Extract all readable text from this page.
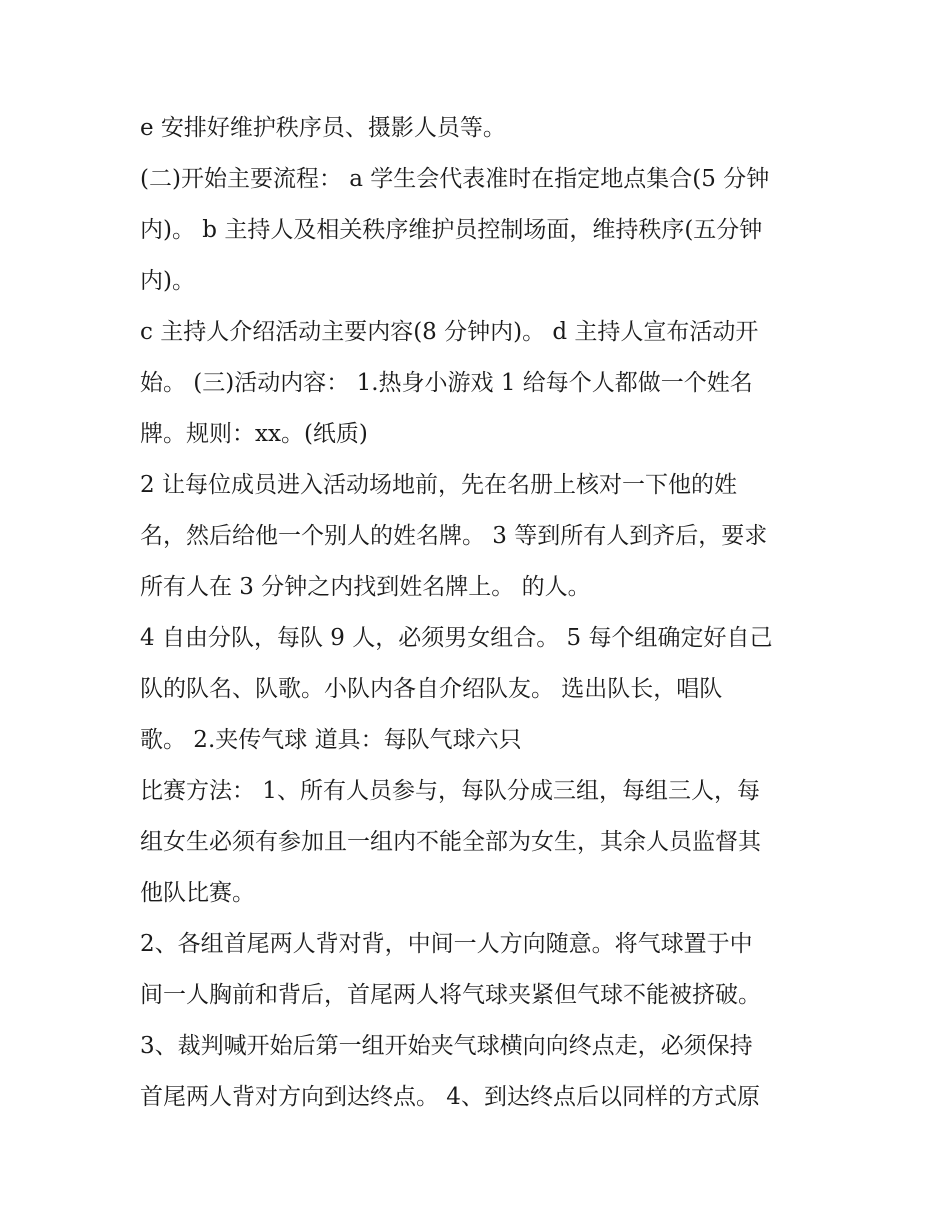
e 安排好维护秩序员、摄影人员等。
(二)开始主要流程： a 学生会代表准时在指定地点集合(5 分钟
内)。 b 主持人及相关秩序维护员控制场面，维持秩序(五分钟
内)。
c 主持人介绍活动主要内容(8 分钟内)。 d 主持人宣布活动开
始。 (三)活动内容： 1.热身小游戏 1 给每个人都做一个姓名
牌。规则：xx。(纸质)
2 让每位成员进入活动场地前，先在名册上核对一下他的姓
名，然后给他一个别人的姓名牌。 3 等到所有人到齐后，要求
所有人在 3 分钟之内找到姓名牌上。 的人。
4 自由分队，每队 9 人，必须男女组合。 5 每个组确定好自己
队的队名、队歌。小队内各自介绍队友。 选出队长，唱队
歌。 2.夹传气球 道具：每队气球六只
比赛方法： 1、所有人员参与，每队分成三组，每组三人，每
组女生必须有参加且一组内不能全部为女生，其余人员监督其
他队比赛。
2、各组首尾两人背对背，中间一人方向随意。将气球置于中
间一人胸前和背后，首尾两人将气球夹紧但气球不能被挤破。
3、裁判喊开始后第一组开始夹气球横向向终点走，必须保持
首尾两人背对方向到达终点。 4、到达终点后以同样的方式原
